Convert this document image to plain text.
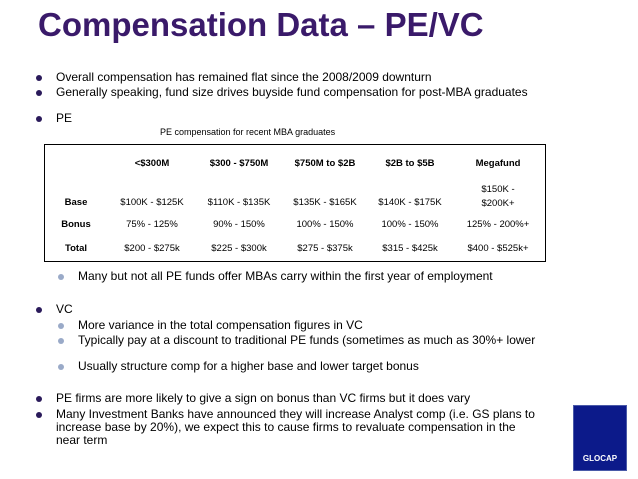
Compensation Data – PE/VC
Overall compensation has remained flat since the 2008/2009 downturn
Generally speaking, fund size drives buyside fund compensation for post-MBA graduates
PE
PE compensation for recent MBA graduates
	<$300M	$300 - $750M	$750M to $2B	$2B to $5B	Megafund
Base	$100K - $125K	$110K - $135K	$135K - $165K	$140K - $175K	$150K - $200K+
Bonus	75% - 125%	90% - 150%	100% - 150%	100% - 150%	125% - 200%+
Total	$200 - $275k	$225 - $300k	$275 - $375k	$315 - $425k	$400 - $525k+
Many but not all PE funds offer MBAs carry within the first year of employment
VC
More variance in the total compensation figures in VC
Typically pay at a discount to traditional PE funds (sometimes as much as 30%+ lower
Usually structure comp for a higher base and lower target bonus
PE firms are more likely to give a sign on bonus than VC firms but it does vary
Many Investment Banks have announced they will increase Analyst comp (i.e. GS plans to increase base by 20%), we expect this to cause firms to revaluate compensation in the near term
GLOCAP
